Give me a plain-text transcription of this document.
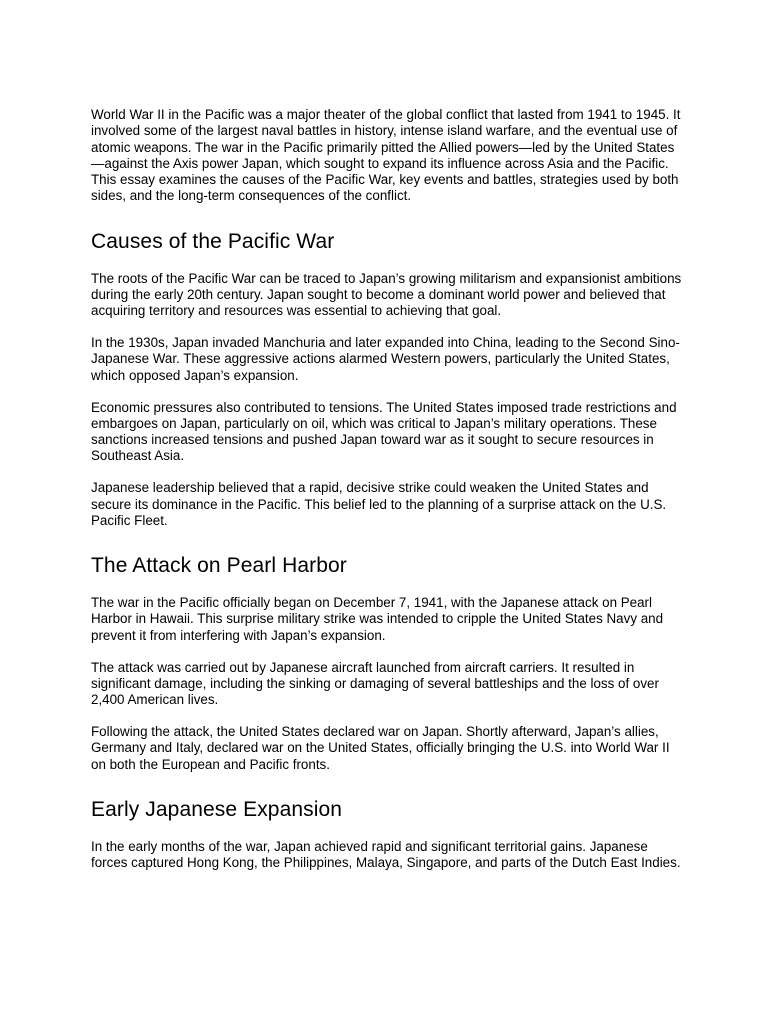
World War II in the Pacific was a major theater of the global conflict that lasted from 1941 to 1945. It involved some of the largest naval battles in history, intense island warfare, and the eventual use of atomic weapons. The war in the Pacific primarily pitted the Allied powers—led by the United States—against the Axis power Japan, which sought to expand its influence across Asia and the Pacific. This essay examines the causes of the Pacific War, key events and battles, strategies used by both sides, and the long-term consequences of the conflict.

Causes of the Pacific War

The roots of the Pacific War can be traced to Japan’s growing militarism and expansionist ambitions during the early 20th century. Japan sought to become a dominant world power and believed that acquiring territory and resources was essential to achieving that goal.

In the 1930s, Japan invaded Manchuria and later expanded into China, leading to the Second Sino-Japanese War. These aggressive actions alarmed Western powers, particularly the United States, which opposed Japan’s expansion.

Economic pressures also contributed to tensions. The United States imposed trade restrictions and embargoes on Japan, particularly on oil, which was critical to Japan’s military operations. These sanctions increased tensions and pushed Japan toward war as it sought to secure resources in Southeast Asia.

Japanese leadership believed that a rapid, decisive strike could weaken the United States and secure its dominance in the Pacific. This belief led to the planning of a surprise attack on the U.S. Pacific Fleet.

The Attack on Pearl Harbor

The war in the Pacific officially began on December 7, 1941, with the Japanese attack on Pearl Harbor in Hawaii. This surprise military strike was intended to cripple the United States Navy and prevent it from interfering with Japan’s expansion.

The attack was carried out by Japanese aircraft launched from aircraft carriers. It resulted in significant damage, including the sinking or damaging of several battleships and the loss of over 2,400 American lives.

Following the attack, the United States declared war on Japan. Shortly afterward, Japan’s allies, Germany and Italy, declared war on the United States, officially bringing the U.S. into World War II on both the European and Pacific fronts.

Early Japanese Expansion

In the early months of the war, Japan achieved rapid and significant territorial gains. Japanese forces captured Hong Kong, the Philippines, Malaya, Singapore, and parts of the Dutch East Indies.
